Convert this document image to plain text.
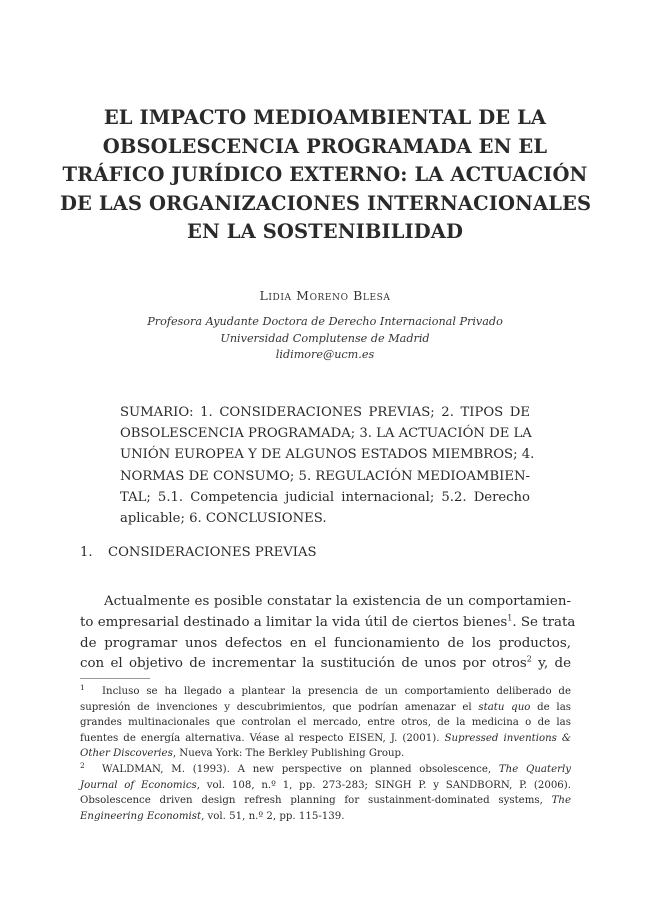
EL IMPACTO MEDIOAMBIENTAL DE LA
OBSOLESCENCIA PROGRAMADA EN EL
TRÁFICO JURÍDICO EXTERNO: LA ACTUACIÓN
DE LAS ORGANIZACIONES INTERNACIONALES
EN LA SOSTENIBILIDAD
Lidia Moreno Blesa
Profesora Ayudante Doctora de Derecho Internacional Privado
Universidad Complutense de Madrid
lidimore@ucm.es
SUMARIO: 1. CONSIDERACIONES PREVIAS; 2. TIPOS DE
OBSOLESCENCIA PROGRAMADA; 3. LA ACTUACIÓN DE LA
UNIÓN EUROPEA Y DE ALGUNOS ESTADOS MIEMBROS; 4.
NORMAS DE CONSUMO; 5. REGULACIÓN MEDIOAMBIEN-
TAL; 5.1. Competencia judicial internacional; 5.2. Derecho
aplicable; 6. CONCLUSIONES.
1. CONSIDERACIONES PREVIAS
Actualmente es posible constatar la existencia de un comportamien-
to empresarial destinado a limitar la vida útil de ciertos bienes$^1$. Se trata
de programar unos defectos en el funcionamiento de los productos,
con el objetivo de incrementar la sustitución de unos por otros$^2$ y, de
1 Incluso se ha llegado a plantear la presencia de un comportamiento deliberado de
supresión de invenciones y descubrimientos, que podrían amenazar el statu quo de las
grandes multinacionales que controlan el mercado, entre otros, de la medicina o de las
fuentes de energía alternativa. Véase al respecto EISEN, J. (2001). Supressed inventions &
Other Discoveries, Nueva York: The Berkley Publishing Group.
2 WALDMAN, M. (1993). A new perspective on planned obsolescence, The Quaterly
Journal of Economics, vol. 108, n.º 1, pp. 273-283; SINGH P. y SANDBORN, P. (2006).
Obsolescence driven design refresh planning for sustainment-dominated systems, The
Engineering Economist, vol. 51, n.º 2, pp. 115-139.
